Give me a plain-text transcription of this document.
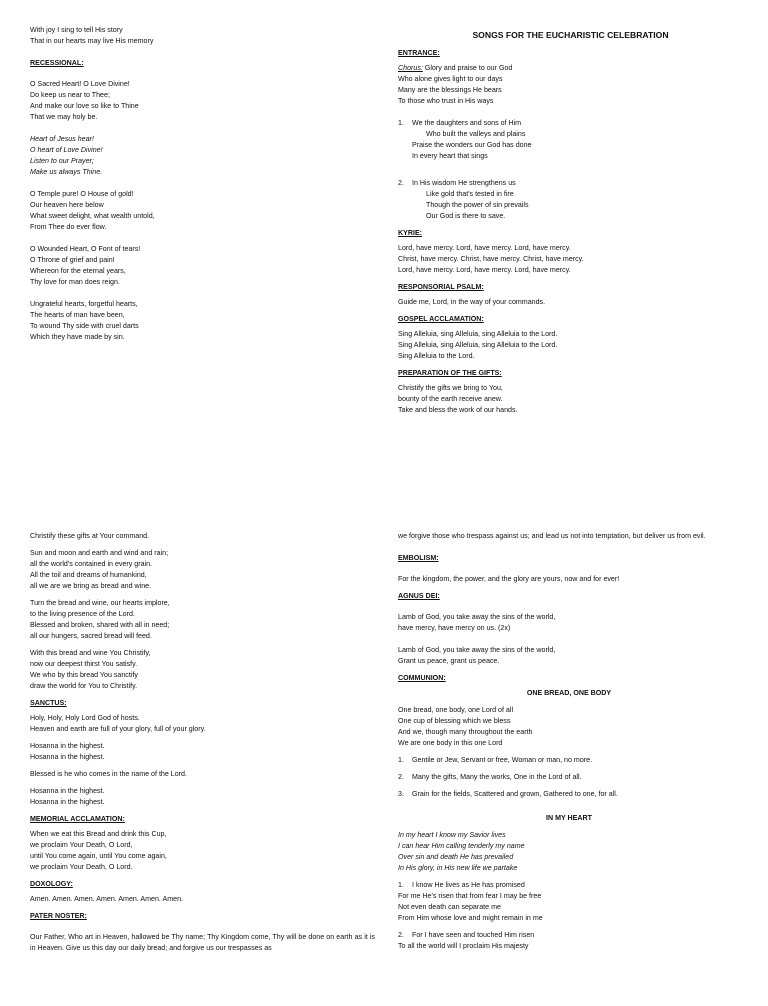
With joy I sing to tell His story
That in our hearts may live His memory
RECESSIONAL:
O Sacred Heart! O Love Divine!
Do keep us near to Thee;
And make our love so like to Thine
That we may holy be.
Heart of Jesus hear!
O heart of Love Divine!
Listen to our Prayer;
Make us always Thine.
O Temple pure! O House of gold!
Our heaven here below
What sweet delight, what wealth untold,
From Thee do ever flow.
O Wounded Heart, O Font of tears!
O Throne of grief and pain!
Whereon for the eternal years,
Thy love for man does reign.
Ungrateful hearts, forgetful hearts,
The hearts of man have been,
To wound Thy side with cruel darts
Which they have made by sin.
SONGS FOR THE EUCHARISTIC CELEBRATION
ENTRANCE:
Chorus: Glory and praise to our God
Who alone gives light to our days
Many are the blessings He bears
To those who trust in His ways
1.	We the daughters and sons of Him
Who built the valleys and plains
Praise the wonders our God has done
In every heart that sings
2.	In His wisdom He strengthens us
Like gold that's tested in fire
Though the power of sin prevails
Our God is there to save.
KYRIE:
Lord, have mercy. Lord, have mercy. Lord, have mercy.
Christ, have mercy. Christ, have mercy. Christ, have mercy.
Lord, have mercy. Lord, have mercy. Lord, have mercy.
RESPONSORIAL PSALM:
Guide me, Lord, in the way of your commands.
GOSPEL ACCLAMATION:
Sing Alleluia, sing Alleluia, sing Alleluia to the Lord.
Sing Alleluia, sing Alleluia, sing Alleluia to the Lord.
Sing Alleluia to the Lord.
PREPARATION OF THE GIFTS:
Christify the gifts we bring to You,
bounty of the earth receive anew.
Take and bless the work of our hands.
Christify these gifts at Your command.
Sun and moon and earth and wind and rain;
all the world's contained in every grain.
All the toil and dreams of humankind,
all we are we bring as bread and wine.
Turn the bread and wine, our hearts implore,
to the living presence of the Lord.
Blessed and broken, shared with all in need;
all our hungers, sacred bread will feed.
With this bread and wine You Christify,
now our deepest thirst You satisfy.
We who by this bread You sanctify
draw the world for You to Christify.
SANCTUS:
Holy, Holy, Holy Lord God of hosts.
Heaven and earth are full of your glory, full of your glory.
Hosanna in the highest.
Hosanna in the highest.
Blessed is he who comes in the name of the Lord.
Hosanna in the highest.
Hosanna in the highest.
MEMORIAL ACCLAMATION:
When we eat this Bread and drink this Cup,
we proclaim Your Death, O Lord,
until You come again, until You come again,
we proclaim Your Death, O Lord.
DOXOLOGY:
Amen. Amen. Amen. Amen. Amen. Amen. Amen.
PATER NOSTER:
Our Father, Who art in Heaven, hallowed be Thy name; Thy Kingdom come, Thy will be done on earth as it is in Heaven. Give us this day our daily bread; and forgive us our trespasses as
we forgive those who trespass against us; and lead us not into temptation, but deliver us from evil.
EMBOLISM:
For the kingdom, the power, and the glory are yours, now and for ever!
AGNUS DEI:
Lamb of God, you take away the sins of the world,
have mercy, have mercy on us. (2x)
Lamb of God, you take away the sins of the world,
Grant us peace, grant us peace.
COMMUNION:
ONE BREAD, ONE BODY
One bread, one body, one Lord of all
One cup of blessing which we bless
And we, though many throughout the earth
We are one body in this one Lord
1.	Gentile or Jew, Servant or free, Woman or man, no more.
2.	Many the gifts, Many the works, One in the Lord of all.
3.	Grain for the fields, Scattered and grown, Gathered to one, for all.
IN MY HEART
In my heart I know my Savior lives
I can hear Him calling tenderly my name
Over sin and death He has prevailed
In His glory, in His new life we partake
1. I know He lives as He has promised
For me He's risen that from fear I may be free
Not even death can separate me
From Him whose love and might remain in me
2. For I have seen and touched Him risen
To all the world will I proclaim His majesty
